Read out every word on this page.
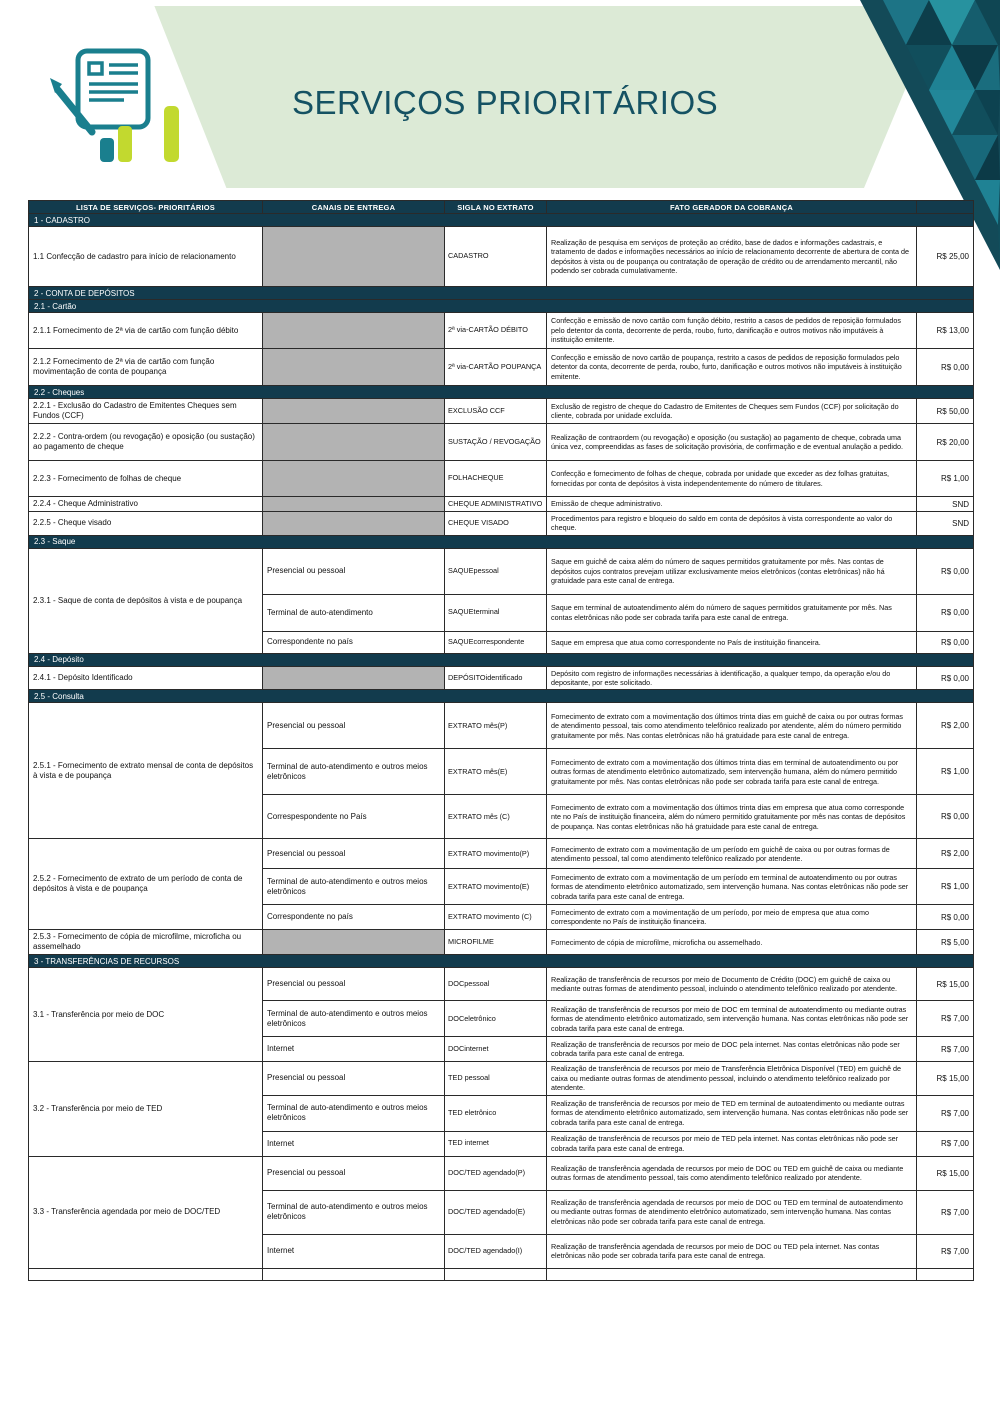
SERVIÇOS PRIORITÁRIOS
LISTA DE SERVIÇOS- PRIORITÁRIOS	CANAIS DE ENTREGA	SIGLA NO EXTRATO	FATO GERADOR DA COBRANÇA	
1 - CADASTRO				
1.1 Confecção de cadastro para início de relacionamento		CADASTRO	Realização de pesquisa em serviços de proteção ao crédito, base de dados e informações cadastrais, e tratamento de dados e informações necessários ao início de relacionamento decorrente de abertura de conta de depósitos à vista ou de poupança ou contratação de operação de crédito ou de arrendamento mercantil, não podendo ser cobrada cumulativamente.	R$ 25,00
2 - CONTA DE DEPÓSITOS				
2.1 - Cartão				
2.1.1 Fornecimento de 2ª via de cartão com função débito		2ª via-CARTÃO DÉBITO	Confecção e emissão de novo cartão com função débito, restrito a casos de pedidos de reposição formulados pelo detentor da conta, decorrente de perda, roubo, furto, danificação e outros motivos não imputáveis à instituição emitente.	R$ 13,00
2.1.2 Fornecimento de 2ª via de cartão com função movimentação de conta de poupança		2ª via-CARTÃO POUPANÇA	Confecção e emissão de novo cartão de poupança, restrito a casos de pedidos de reposição formulados pelo detentor da conta, decorrente de perda, roubo, furto, danificação e outros motivos não imputáveis à instituição emitente.	R$ 0,00
2.2 - Cheques				
2.2.1 - Exclusão do Cadastro de Emitentes Cheques sem Fundos (CCF)		EXCLUSÃO CCF	Exclusão de registro de cheque do Cadastro de Emitentes de Cheques sem Fundos (CCF) por solicitação do cliente, cobrada por unidade excluída.	R$ 50,00
2.2.2 - Contra-ordem (ou revogação) e oposição (ou sustação) ao pagamento de cheque		SUSTAÇÃO / REVOGAÇÃO	Realização de contraordem (ou revogação) e oposição (ou sustação) ao pagamento de cheque, cobrada uma única vez, compreendidas as fases de solicitação provisória, de confirmação e de eventual anulação a pedido.	R$ 20,00
2.2.3 - Fornecimento de folhas de cheque		FOLHACHEQUE	Confecção e fornecimento de folhas de cheque, cobrada por unidade que exceder as dez folhas gratuitas, fornecidas por conta de depósitos à vista independentemente do número de titulares.	R$ 1,00
2.2.4 - Cheque Administrativo		CHEQUE ADMINISTRATIVO	Emissão de cheque administrativo.	SND
2.2.5 - Cheque visado		CHEQUE VISADO	Procedimentos para registro e bloqueio do saldo em conta de depósitos à vista correspondente ao valor do cheque.	SND
2.3 - Saque				
2.3.1 - Saque de conta de depósitos à vista e de poupança	Presencial ou pessoal	SAQUEpessoal	Saque em guichê de caixa além do número de saques permitidos gratuitamente por mês. Nas contas de depósitos cujos contratos prevejam utilizar exclusivamente meios eletrônicos (contas eletrônicas) não há gratuidade para este canal de entrega.	R$ 0,00
	Terminal de auto-atendimento	SAQUEterminal	Saque em terminal de autoatendimento além do número de saques permitidos gratuitamente por mês. Nas contas eletrônicas não pode ser cobrada tarifa para este canal de entrega.	R$ 0,00
	Correspondente no país	SAQUEcorrespondente	Saque em empresa que atua como correspondente no País de instituição financeira.	R$ 0,00
2.4 - Depósito				
2.4.1 - Depósito Identificado		DEPÓSITOidentificado	Depósito com registro de informações necessárias à identificação, a qualquer tempo, da operação e/ou do depositante, por este solicitado.	R$ 0,00
2.5 - Consulta				
2.5.1 - Fornecimento de extrato mensal de conta de depósitos à vista e de poupança	Presencial ou pessoal	EXTRATO mês(P)	Fornecimento de extrato com a movimentação dos últimos trinta dias em guichê de caixa ou por outras formas de atendimento pessoal, tais como atendimento telefônico realizado por atendente, além do número permitido gratuitamente por mês. Nas contas eletrônicas não há gratuidade para este canal de entrega.	R$ 2,00
	Terminal de auto-atendimento e outros meios eletrônicos	EXTRATO mês(E)	Fornecimento de extrato com a movimentação dos últimos trinta dias em terminal de autoatendimento ou por outras formas de atendimento eletrônico automatizado, sem intervenção humana, além do número permitido gratuitamente por mês. Nas contas eletrônicas não pode ser cobrada tarifa para este canal de entrega.	R$ 1,00
	Correspespondente no País	EXTRATO mês (C)	Fornecimento de extrato com a movimentação dos últimos trinta dias em empresa que atua como corresponde nte no País de instituição financeira, além do número permitido gratuitamente por mês nas contas de depósitos de poupança. Nas contas eletrônicas não há gratuidade para este canal de entrega.	R$ 0,00
2.5.2 - Fornecimento de extrato de um período de conta de depósitos à vista e de poupança	Presencial ou pessoal	EXTRATO movimento(P)	Fornecimento de extrato com a movimentação de um período em guichê de caixa ou por outras formas de atendimento pessoal, tal como atendimento telefônico realizado por atendente.	R$ 2,00
	Terminal de auto-atendimento e outros meios eletrônicos	EXTRATO movimento(E)	Fornecimento de extrato com a movimentação de um período em terminal de autoatendimento ou por outras formas de atendimento eletrônico automatizado, sem intervenção humana. Nas contas eletrônicas não pode ser cobrada tarifa para este canal de entrega.	R$ 1,00
	Correspondente no país	EXTRATO movimento (C)	Fornecimento de extrato com a movimentação de um período, por meio de empresa que atua como correspondente no País de instituição financeira.	R$ 0,00
2.5.3 - Fornecimento de cópia de microfilme, microficha ou assemelhado		MICROFILME	Fornecimento de cópia de microfilme, microficha ou assemelhado.	R$ 5,00
3 - TRANSFERÊNCIAS DE RECURSOS				
3.1 - Transferência por meio de DOC	Presencial ou pessoal	DOCpessoal	Realização de transferência de recursos por meio de Documento de Crédito (DOC) em guichê de caixa ou mediante outras formas de atendimento pessoal, incluindo o atendimento telefônico realizado por atendente.	R$ 15,00
	Terminal de auto-atendimento e outros meios eletrônicos	DOCeletrônico	Realização de transferência de recursos por meio de DOC em terminal de autoatendimento ou mediante outras formas de atendimento eletrônico automatizado, sem intervenção humana. Nas contas eletrônicas não pode ser cobrada tarifa para este canal de entrega.	R$ 7,00
	Internet	DOCinternet	Realização de transferência de recursos por meio de DOC pela internet. Nas contas eletrônicas não pode ser cobrada tarifa para este canal de entrega.	R$ 7,00
3.2 - Transferência por meio de TED	Presencial ou pessoal	TED pessoal	Realização de transferência de recursos por meio de Transferência Eletrônica Disponível (TED) em guichê de caixa ou mediante outras formas de atendimento pessoal, incluindo o atendimento telefônico realizado por atendente.	R$ 15,00
	Terminal de auto-atendimento e outros meios eletrônicos	TED eletrônico	Realização de transferência de recursos por meio de TED em terminal de autoatendimento ou mediante outras formas de atendimento eletrônico automatizado, sem intervenção humana. Nas contas eletrônicas não pode ser cobrada tarifa para este canal de entrega.	R$ 7,00
	Internet	TED internet	Realização de transferência de recursos por meio de TED pela internet. Nas contas eletrônicas não pode ser cobrada tarifa para este canal de entrega.	R$ 7,00
3.3 - Transferência agendada por meio de DOC/TED	Presencial ou pessoal	DOC/TED agendado(P)	Realização de transferência agendada de recursos por meio de DOC ou TED em guichê de caixa ou mediante outras formas de atendimento pessoal, tais como atendimento telefônico realizado por atendente.	R$ 15,00
	Terminal de auto-atendimento e outros meios eletrônicos	DOC/TED agendado(E)	Realização de transferência agendada de recursos por meio de DOC ou TED em terminal de autoatendimento ou mediante outras formas de atendimento eletrônico automatizado, sem intervenção humana. Nas contas eletrônicas não pode ser cobrada tarifa para este canal de entrega.	R$ 7,00
	Internet	DOC/TED agendado(I)	Realização de transferência agendada de recursos por meio de DOC ou TED pela internet. Nas contas eletrônicas não pode ser cobrada tarifa para este canal de entrega.	R$ 7,00
